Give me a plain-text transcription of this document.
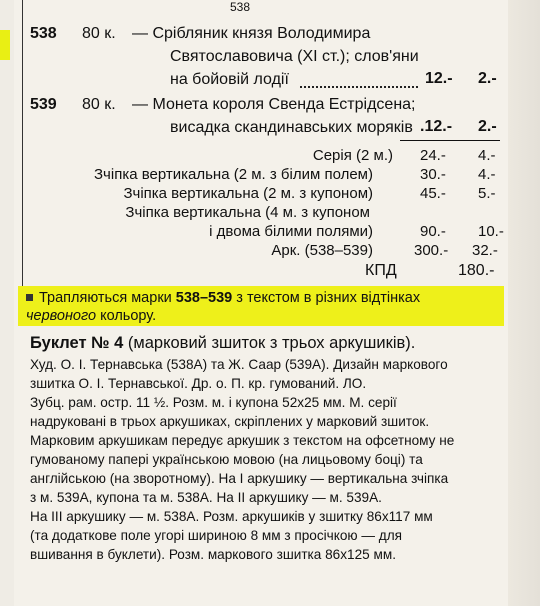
538
538 80 к. — Срібляник князя Володимира
Святославовича (XI ст.); слов'яни
на бойовій лодії	12.- 2.-
539 80 к. — Монета короля Свенда Естрідсена;
висадка скандинавських моряків .12.- 2.-
Серія (2 м.) 24.- 4.-
Зчіпка вертикальна (2 м. з білим полем)	30.- 4.-
Зчіпка вертикальна (2 м. з купоном)	45.- 5.-
Зчіпка вертикальна (4 м. з купоном
і двома білими полями)	90.- 10.-
Арк. (538–539)	300.- 32.-
КПД	180.-
Трапляються марки 538–539 з текстом в різних відтінках
червоного кольору.
Буклет № 4 (марковий зшиток з трьох аркушиків).
Худ. О. І. Тернавська (538А) та Ж. Саар (539А). Дизайн маркового
зшитка О. І. Тернавської. Др. о. П. кр. гумований. ЛО.
Зубц. рам. остр. 11 ½. Розм. м. і купона 52х25 мм. М. серії
надруковані в трьох аркушиках, скріплених у марковий зшиток.
Марковим аркушикам передує аркушик з текстом на офсетному не
гумованому папері українською мовою (на лицьовому боці) та
англійською (на зворотному). На І аркушику — вертикальна зчіпка
з м. 539А, купона та м. 538А. На ІІ аркушику — м. 539А.
На ІІІ аркушику — м. 538А. Розм. аркушиків у зшитку 86х117 мм
(та додаткове поле угорі шириною 8 мм з просічкою — для
вшивання в буклети). Розм. маркового зшитка 86х125 мм.
